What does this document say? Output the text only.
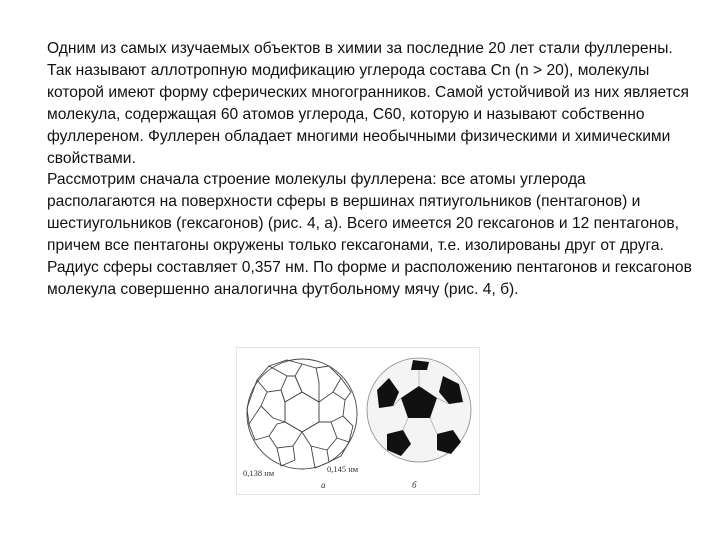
Одним из самых изучаемых объектов в химии за последние 20 лет стали фуллерены. Так называют аллотропную модификацию углерода состава Cn (n > 20), молекулы которой имеют форму сферических многогранников. Самой устойчивой из них является молекула, содержащая 60 атомов углерода, C60, которую и называют собственно фуллереном. Фуллерен обладает многими необычными физическими и химическими свойствами.

Рассмотрим сначала строение молекулы фуллерена: все атомы углерода располагаются на поверхности сферы в вершинах пятиугольников (пентагонов) и шестиугольников (гексагонов) (рис. 4, а). Всего имеется 20 гексагонов и 12 пентагонов, причем все пентагоны окружены только гексагонами, т.е. изолированы друг от друга. Радиус сферы составляет 0,357 нм. По форме и расположению пентагонов и гексагонов молекула совершенно аналогична футбольному мячу (рис. 4, б).

0,138 нм	0,145 нм
а	б
